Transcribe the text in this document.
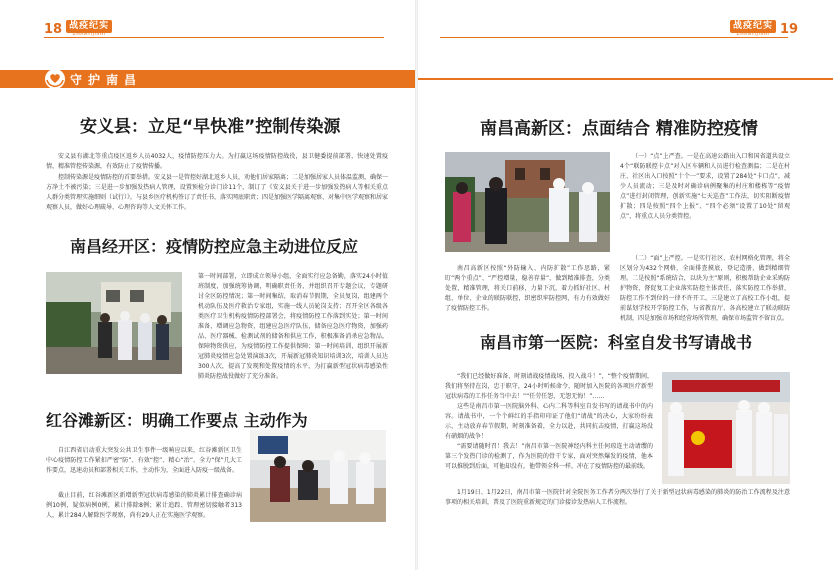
18 战疫纪实
ZHANYIJISHI
战疫纪实
ZHANYIJISHI 19
守护南昌
安义县：立足“早快准”控制传染源
安义县有湖北等重点疫区返乡人员4032人，疫情防控压力大。为打赢这场疫情防控战役，县卫健委提前部署，快速处置疫情，精准管控传染源，有效防止了疫情传播。
控制传染源是疫情防控的首要举措。安义县一是管控好湖北返乡人员，劝他们居家隔离；二是加强居家人员体温监测，确保一方净土不被污染；三是进一步加强发热病人管理，设置预检分诊门诊11个，制订了《安义县关于进一步加强发热病人等相关重点人群分类管理实施细则（试行）》，与县乡医疗机构签订了责任书，落实网底职责；四是加强医学隔离观察、对集中医学观察和居家观察人员，做好心理疏导、心理咨询等人文关怀工作。
南昌经开区：疫情防控应急主动进位反应
第一时间部署，立即成立领导小组，全面实行应急备勤，落实24小时值班制度，加强统筹协调，明确职责任务，并组织召开专题会议，专题研讨全区防控情况；第一时间集结，取消春节假期，全员复岗，组建两个机动队伍及医疗救治专家组，实施一线人员轮岗支持；召开全区各级各类医疗卫生机构疫情防控部署会，将疫情防控工作落到实处；第一时间准备，增调应急物资，组建应急医疗队伍，储备应急医疗物资，加强药品、医疗器械、检测试剂的储备和供应工作，积极准备消杀应急物品，保障物资供应，为疫情防控工作提供保障；第一时间培训，组织开展新冠肺炎疫情应急处置演练3次，开展新冠肺炎知识培训3次，培训人员达300人次，提高了发现和处置疫情的水平，为打赢新型冠状病毒感染性肺炎防控战役做好了充分准备。
红谷滩新区：明确工作要点 主动作为
自江西省启动重大突发公共卫生事件一级响应以来，红谷滩新区卫生中心疫情防控工作紧扣严密“防”、有效“控”、精心“治”、全力“保”几大工作要点，迅速动员和部署相关工作，主动作为，全面进入防疫一级战备。
截止目前，红谷滩新区新增新型冠状病毒感染的肺炎累计排查确诊病例10例，疑似病例0例，累计排除8例；累计追踪、管理密切接触者313人，累计284人解除医学观察，尚有29人正在实施医学观察。
南昌高新区：点面结合 精准防控疫情
（一）“点”上严查。一是在高速公路出入口和国省道共设立4个“联防联控卡点”对入区车辆和人员进行检查测温；二是在村庄、社区出入口按照“十个一”要求，设置了284处“卡口点”，减少人员流动；三是及时对确诊病例聚集的村庄和楼栋等“疫情点”进行封闭管理，创新实施“七天巡查”工作法，切实阻断疫情扩散；四是按照“四个上报”、“四个必须”设置了10处“留观点”，将重点人员分类管控。
（二）“面”上严控。一是实行社区、农村网格化管理，将全区划分为432个网格，全面排查摸底，登记造册，做到精细管理。二是按照“系统结合，以块为主”原则，积极帮助企业采购防护物资，督促复工企业落实防控主体责任，落实防控工作举措，防控工作不到位的一律不许开工。三是建立了高校工作小组，提前谋划学校开学防控工作，与省教育厅、各高校建立了联动联防机制，四是加强市场和经营场所管理，确保市场监管不留盲点。
南昌高新区按照“外防输入、内防扩散”工作思路，紧盯“两个重点”、“严控增量，稳善存量”，做到精准排查，分类处置，精准管理，将关口前移，力量下沉，着力抓好社区、村组、单位、企业的联防联控，织密织牢防控网，有力有效做好了疫情防控工作。
南昌市第一医院：科室自发书写请战书
“我们已经做好准备，时刻请战疫情战场，投入战斗！”，“整个疫情期间，我们将坚持在岗，忠于职守，24小时听候命令，随时加入医院的各项医疗新型冠状病毒的工作任务当中去！”“任劳任怨，无怨无悔！”……
这些是南昌市第一医院脑外科、心内二科等科室自发书写的请战书中的内容。请战书中，一个个鲜红的手指印印证了他们“请战”的决心，大家纷纷表示，主动放弃春节假期，时刻准备着，全力以赴，共同抗击疫情，打赢这场没有硝烟的战争！
“需要请随时召！我去！”南昌市第一医院神经内科主任何琼连主动请缨的第三个发热门诊的检测了，作为医院的骨干专家，面对突然爆发的疫情，他本可以推脱到后面，可他却没有，他带领全科一样，冲在了疫情防控的最前线。
1月19日、1月22日，南昌市第一医院针对全院医务工作者分两次举行了关于新型冠状病毒感染的肺炎的防治工作流程及注意事项的相关培训，普及了医院重新规定的门诊接诊发热病人工作流程。
